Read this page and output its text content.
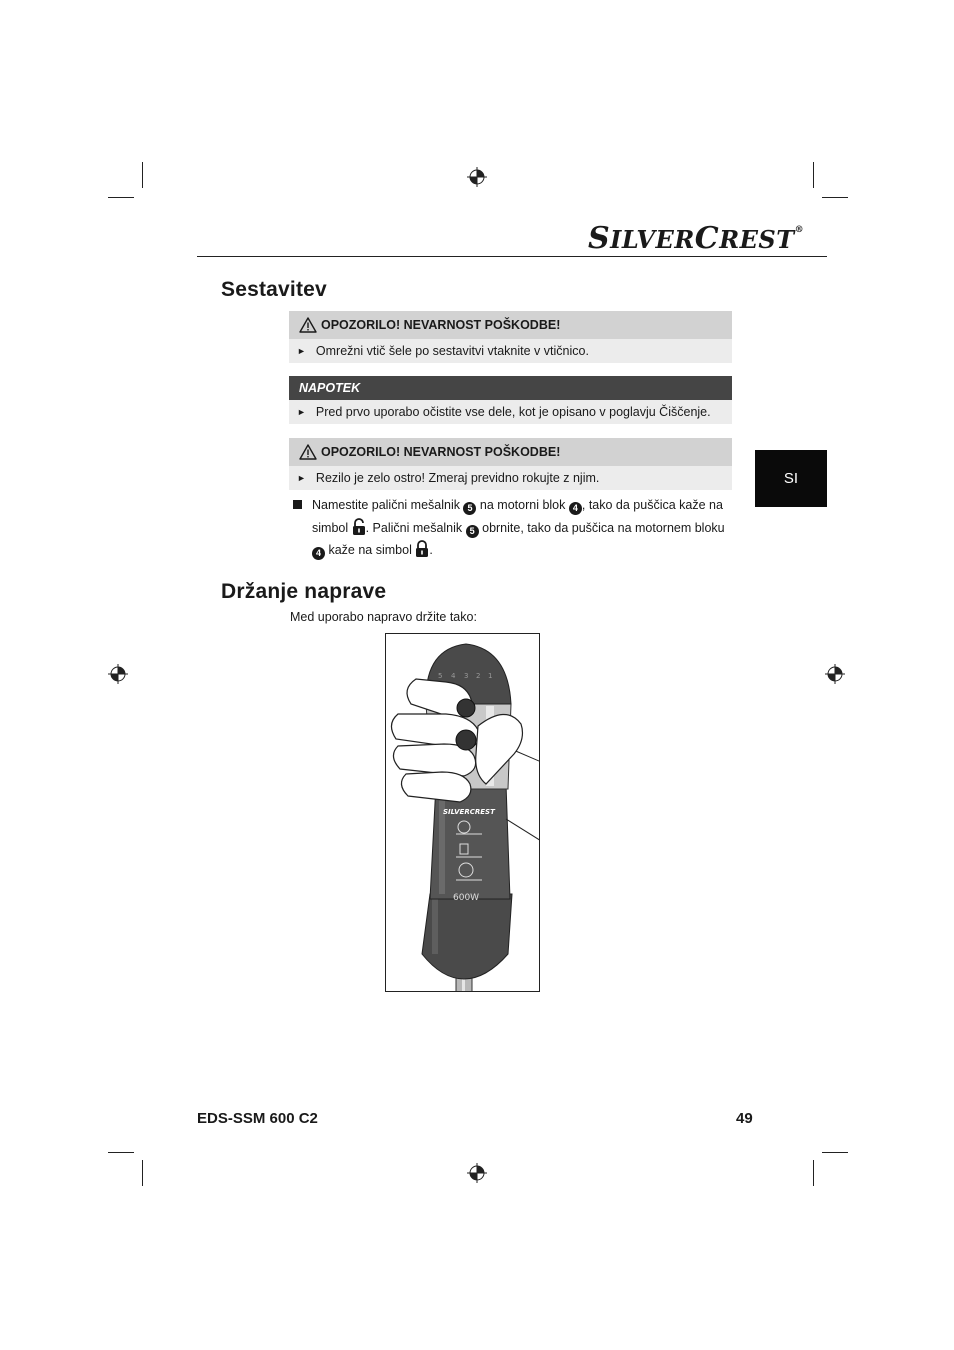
SILVERCREST®
SI
Sestavitev
OPOZORILO! NEVARNOST POŠKODBE!
► Omrežni vtič šele po sestavitvi vtaknite v vtičnico.
NAPOTEK
► Pred prvo uporabo očistite vse dele, kot je opisano v poglavju Čiščenje.
OPOZORILO! NEVARNOST POŠKODBE!
► Rezilo je zelo ostro! Zmeraj previdno rokujte z njim.
Namestite palični mešalnik 5 na motorni blok 4 , tako da puščica kaže na simbol . Palični mešalnik 5 obrnite, tako da puščica na motornem bloku 4 kaže na simbol .
Držanje naprave
Med uporabo napravo držite tako:
SILVERCREST
600W
5 4 3 2 1
EDS-SSM 600 C2	49
